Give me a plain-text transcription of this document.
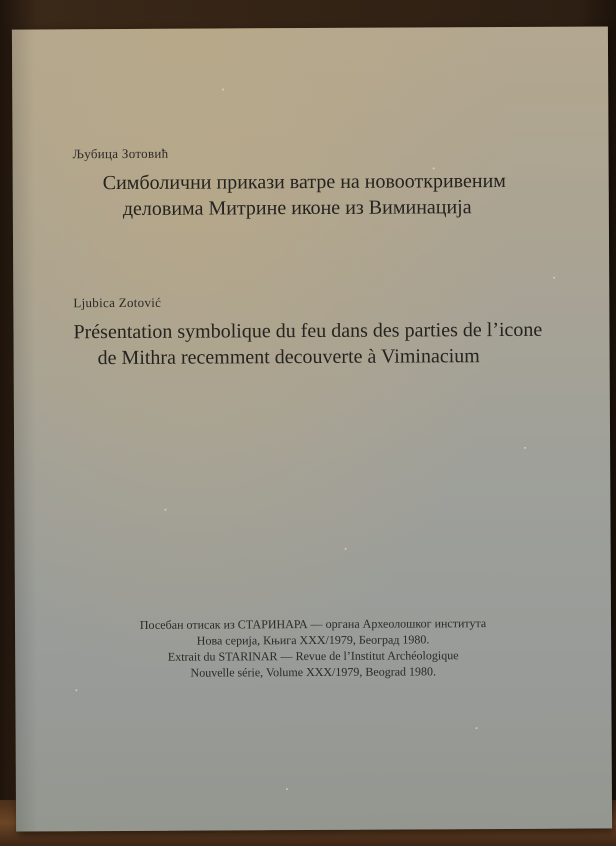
Љубица Зотовић
Симболични прикази ватре на новооткривеним
деловима Митрине иконе из Виминација
Ljubica Zotović
Présentation symbolique du feu dans des parties de l’icone
de Mithra recemment decouverte à Viminacium
Посебан отисак из СТАРИНАРА — органа Археолошког института
Нова серија, Књига XXX/1979, Београд 1980.
Extrait du STARINAR — Revue de l’Institut Archéologique
Nouvelle série, Volume XXX/1979, Beograd 1980.
